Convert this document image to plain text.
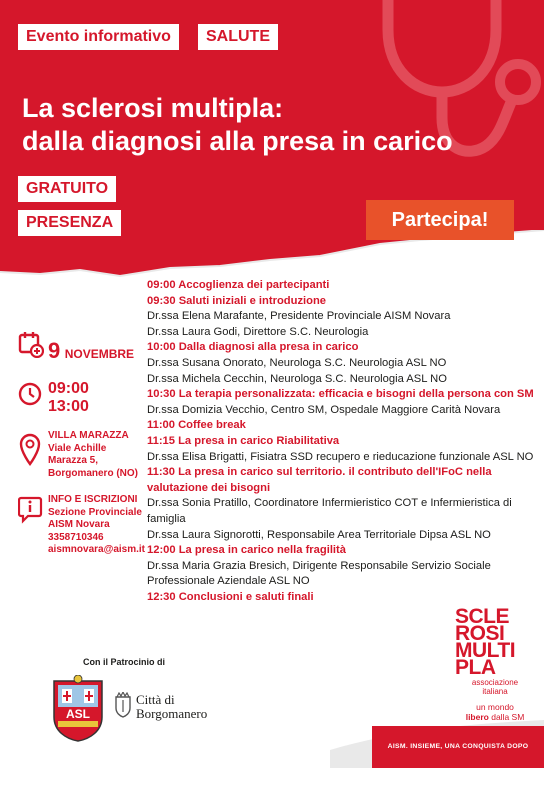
Evento informativo	SALUTE
La sclerosi multipla:
dalla diagnosi alla presa in carico
GRATUITO
PRESENZA	Partecipa!
9 NOVEMBRE
09:00
13:00
VILLA MARAZZA
Viale Achille
Marazza 5,
Borgomanero (NO)
INFO E ISCRIZIONI
Sezione Provinciale
AISM Novara
3358710346
aismnovara@aism.it
09:00 Accoglienza dei partecipanti
09:30 Saluti iniziali e introduzione
Dr.ssa Elena Marafante, Presidente Provinciale AISM Novara
Dr.ssa Laura Godi, Direttore S.C. Neurologia
10:00 Dalla diagnosi alla presa in carico
Dr.ssa Susana Onorato, Neurologa S.C. Neurologia ASL NO
Dr.ssa Michela Cecchin, Neurologa S.C. Neurologia ASL NO
10:30 La terapia personalizzata: efficacia e bisogni della persona con SM
Dr.ssa Domizia Vecchio, Centro SM, Ospedale Maggiore Carità Novara
11:00 Coffee break
11:15 La presa in carico Riabilitativa
Dr.ssa Elisa Brigatti, Fisiatra SSD recupero e rieducazione funzionale ASL NO
11:30 La presa in carico sul territorio. il contributo dell'IFoC nella valutazione dei bisogni
Dr.ssa Sonia Pratillo, Coordinatore Infermieristico COT e Infermieristica di famiglia
Dr.ssa Laura Signorotti, Responsabile Area Territoriale Dipsa ASL NO
12:00 La presa in carico nella fragilità
Dr.ssa Maria Grazia Bresich, Dirigente Responsabile Servizio Sociale Professionale Aziendale ASL NO
12:30 Conclusioni e saluti finali
Con il Patrocinio di
ASL
Città di
Borgomanero
SCLE
ROSI
MULTI
PLA
associazione
italiana
un mondo
libero dalla SM
AISM. INSIEME, UNA CONQUISTA DOPO L'ALTRA
